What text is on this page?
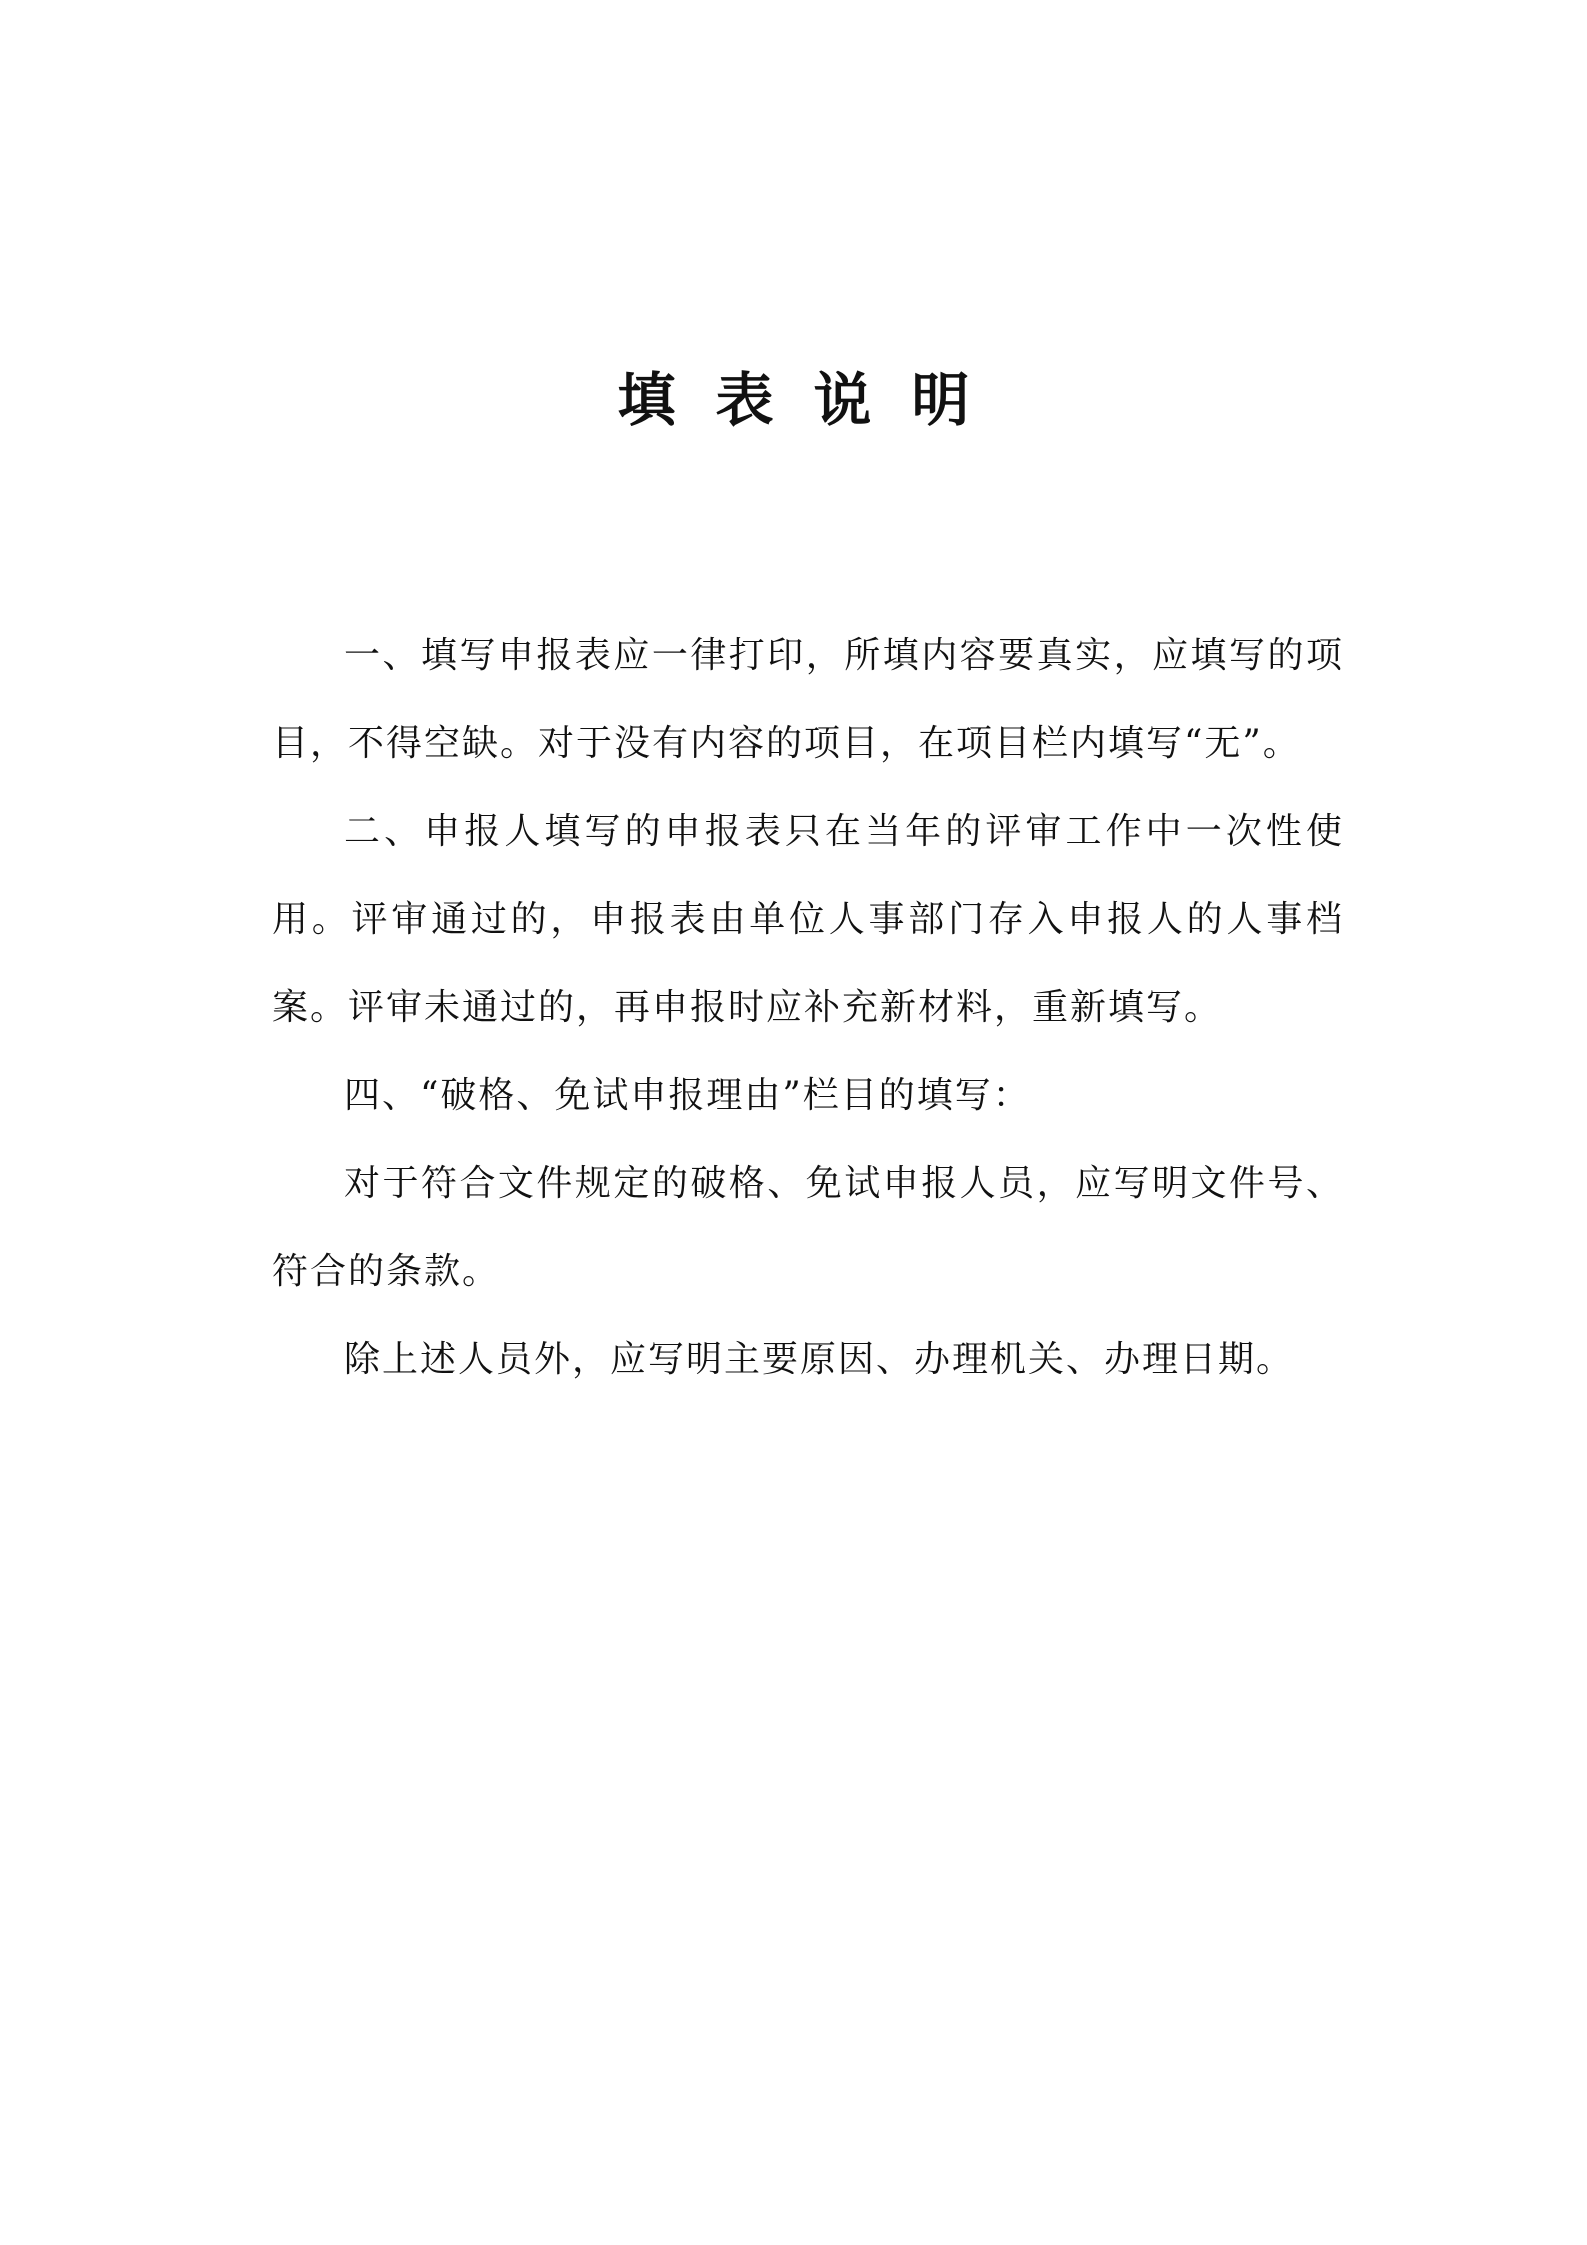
填表说明

一、填写申报表应一律打印，所填内容要真实，应填写的项目，不得空缺。对于没有内容的项目，在项目栏内填写“无”。

二、申报人填写的申报表只在当年的评审工作中一次性使用。评审通过的，申报表由单位人事部门存入申报人的人事档案。评审未通过的，再申报时应补充新材料，重新填写。

四、“破格、免试申报理由”栏目的填写：

对于符合文件规定的破格、免试申报人员，应写明文件号、符合的条款。

除上述人员外，应写明主要原因、办理机关、办理日期。
